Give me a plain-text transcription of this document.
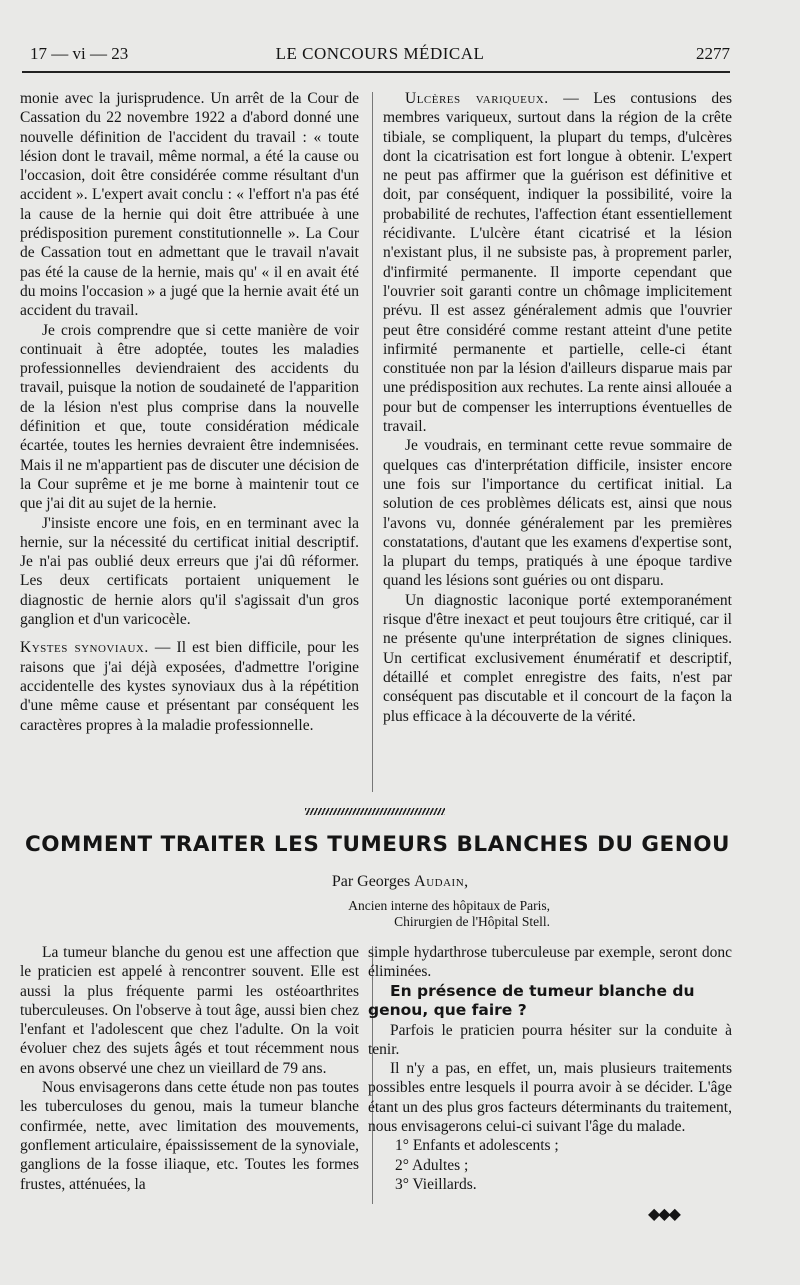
17 — vi — 23	LE CONCOURS MÉDICAL	2277

monie avec la jurisprudence. Un arrêt de la Cour de Cassation du 22 novembre 1922 a d'abord donné une nouvelle définition de l'accident du travail : « toute lésion dont le travail, même normal, a été la cause ou l'occasion, doit être considérée comme résultant d'un accident ». L'expert avait conclu : « l'effort n'a pas été la cause de la hernie qui doit être attribuée à une prédisposition purement constitutionnelle ». La Cour de Cassation tout en admettant que le travail n'avait pas été la cause de la hernie, mais qu' « il en avait été du moins l'occasion » a jugé que la hernie avait été un accident du travail.

Je crois comprendre que si cette manière de voir continuait à être adoptée, toutes les maladies professionnelles deviendraient des accidents du travail, puisque la notion de soudaineté de l'apparition de la lésion n'est plus comprise dans la nouvelle définition et que, toute considération médicale écartée, toutes les hernies devraient être indemnisées. Mais il ne m'appartient pas de discuter une décision de la Cour suprême et je me borne à maintenir tout ce que j'ai dit au sujet de la hernie.

J'insiste encore une fois, en en terminant avec la hernie, sur la nécessité du certificat initial descriptif. Je n'ai pas oublié deux erreurs que j'ai dû réformer. Les deux certificats portaient uniquement le diagnostic de hernie alors qu'il s'agissait d'un gros ganglion et d'un varicocèle.

Kystes synoviaux. — Il est bien difficile, pour les raisons que j'ai déjà exposées, d'admettre l'origine accidentelle des kystes synoviaux dus à la répétition d'une même cause et présentant par conséquent les caractères propres à la maladie professionnelle.

Ulcères variqueux. — Les contusions des membres variqueux, surtout dans la région de la crête tibiale, se compliquent, la plupart du temps, d'ulcères dont la cicatrisation est fort longue à obtenir. L'expert ne peut pas affirmer que la guérison est définitive et doit, par conséquent, indiquer la possibilité, voire la probabilité de rechutes, l'affection étant essentiellement récidivante. L'ulcère étant cicatrisé et la lésion n'existant plus, il ne subsiste pas, à proprement parler, d'infirmité permanente. Il importe cependant que l'ouvrier soit garanti contre un chômage implicitement prévu. Il est assez généralement admis que l'ouvrier peut être considéré comme restant atteint d'une petite infirmité permanente et partielle, celle-ci étant constituée non par la lésion d'ailleurs disparue mais par une prédisposition aux rechutes. La rente ainsi allouée a pour but de compenser les interruptions éventuelles de travail.

Je voudrais, en terminant cette revue sommaire de quelques cas d'interprétation difficile, insister encore une fois sur l'importance du certificat initial. La solution de ces problèmes délicats est, ainsi que nous l'avons vu, donnée généralement par les premières constatations, d'autant que les examens d'expertise sont, la plupart du temps, pratiqués à une époque tardive quand les lésions sont guéries ou ont disparu.

Un diagnostic laconique porté extemporanément risque d'être inexact et peut toujours être critiqué, car il ne présente qu'une interprétation de signes cliniques. Un certificat exclusivement énumératif et descriptif, détaillé et complet enregistre des faits, n'est par conséquent pas discutable et il concourt de la façon la plus efficace à la découverte de la vérité.

COMMENT TRAITER LES TUMEURS BLANCHES DU GENOU
Par Georges Audain,
Ancien interne des hôpitaux de Paris,
Chirurgien de l'Hôpital Stell.

La tumeur blanche du genou est une affection que le praticien est appelé à rencontrer souvent. Elle est aussi la plus fréquente parmi les ostéoarthrites tuberculeuses. On l'observe à tout âge, aussi bien chez l'enfant et l'adolescent que chez l'adulte. On la voit évoluer chez des sujets âgés et tout récemment nous en avons observé une chez un vieillard de 79 ans.

Nous envisagerons dans cette étude non pas toutes les tuberculoses du genou, mais la tumeur blanche confirmée, nette, avec limitation des mouvements, gonflement articulaire, épaississement de la synoviale, ganglions de la fosse iliaque, etc. Toutes les formes frustes, atténuées, la

simple hydarthrose tuberculeuse par exemple, seront donc éliminées.

En présence de tumeur blanche du genou, que faire ?

Parfois le praticien pourra hésiter sur la conduite à tenir.

Il n'y a pas, en effet, un, mais plusieurs traitements possibles entre lesquels il pourra avoir à se décider. L'âge étant un des plus gros facteurs déterminants du traitement, nous envisagerons celui-ci suivant l'âge du malade.

1° Enfants et adolescents ;

2° Adultes ;

3° Vieillards.

◆◆◆
